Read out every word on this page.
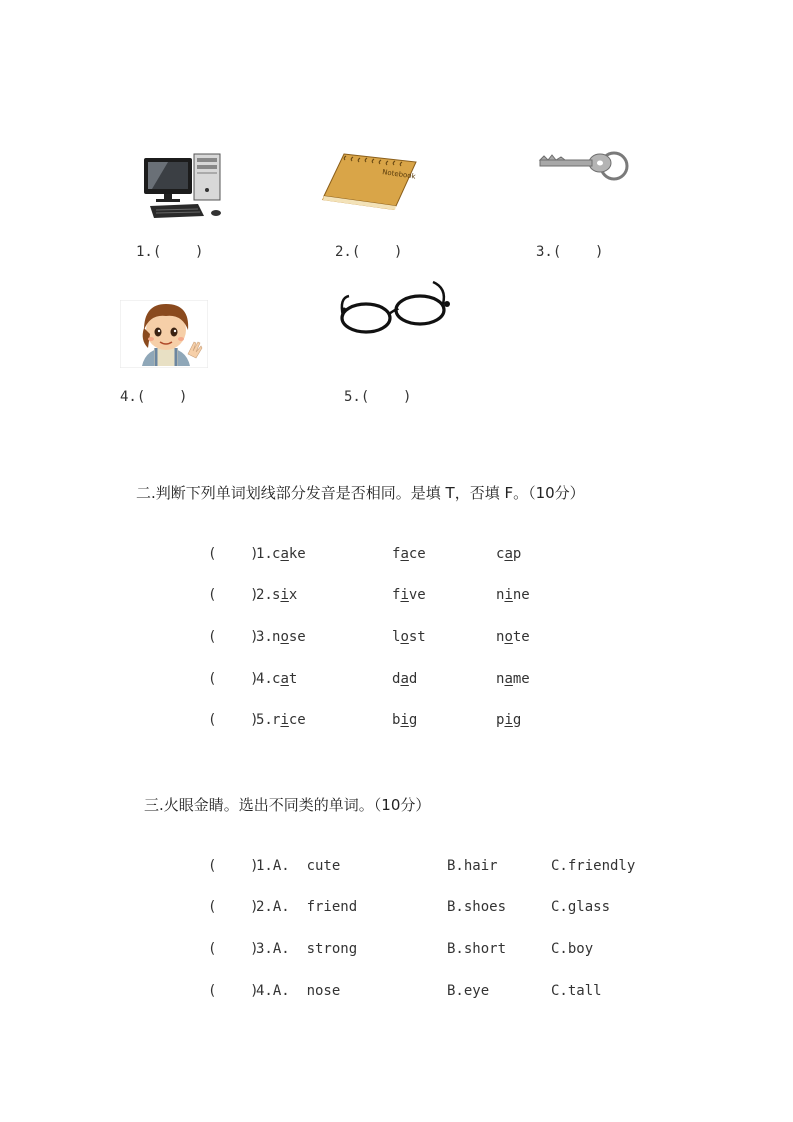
Notebook
1.(    )	2.(    )	3.(    )
4.(    )	5.(    )
二.判断下列单词划线部分发音是否相同。是填 T，否填 F。（10分）
(    )
1. cake	face	cap
(    )
2. six	five	nine
(    )
3. nose	lost	note
(    )
4. cat	dad	name
(    )
5. rice	big	pig
三.火眼金睛。选出不同类的单词。（10分）
(    )
1.A.  cute	B.hair	C.friendly
(    )
2.A.  friend	B.shoes	C.glass
(    )
3.A.  strong	B.short	C.boy
(    )
4.A.  nose	B.eye	C.tall
